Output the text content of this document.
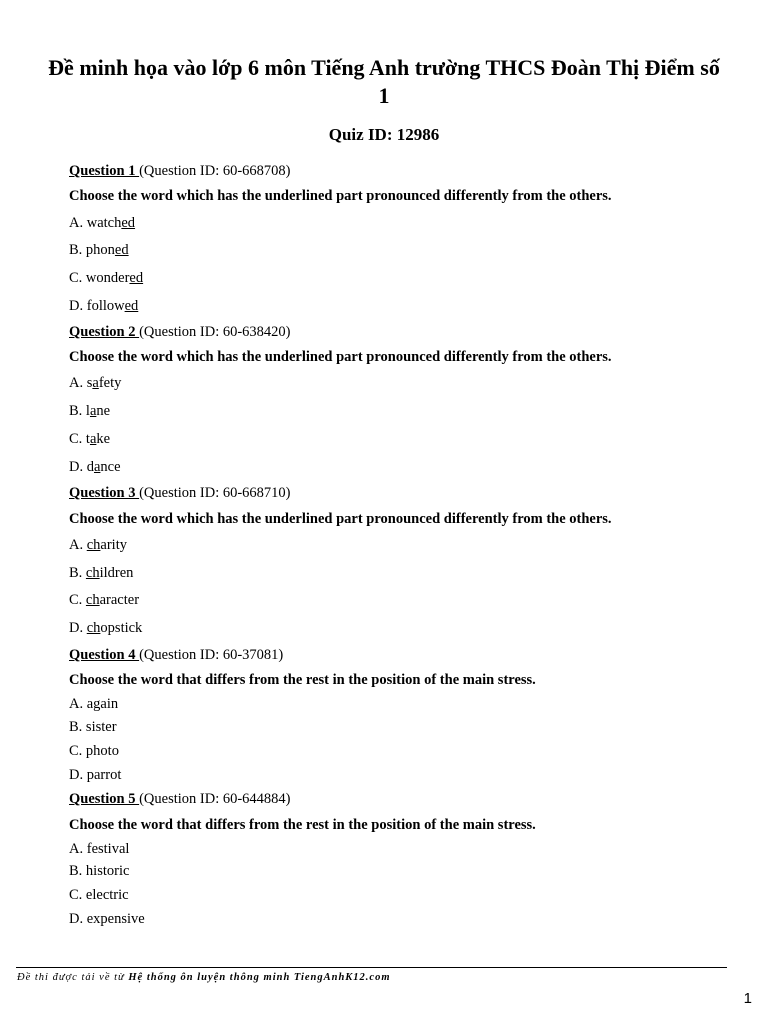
Đề minh họa vào lớp 6 môn Tiếng Anh trường THCS Đoàn Thị Điểm số 1
Quiz ID: 12986
Question 1 (Question ID: 60-668708)
Choose the word which has the underlined part pronounced differently from the others.
A. watched
B. phoned
C. wondered
D. followed
Question 2 (Question ID: 60-638420)
Choose the word which has the underlined part pronounced differently from the others.
A. safety
B. lane
C. take
D. dance
Question 3 (Question ID: 60-668710)
Choose the word which has the underlined part pronounced differently from the others.
A. charity
B. children
C. character
D. chopstick
Question 4 (Question ID: 60-37081)
Choose the word that differs from the rest in the position of the main stress.
A. again
B. sister
C. photo
D. parrot
Question 5 (Question ID: 60-644884)
Choose the word that differs from the rest in the position of the main stress.
A. festival
B. historic
C. electric
D. expensive
Đề thi được tải về từ Hệ thống ôn luyện thông minh TiengAnhK12.com
1
